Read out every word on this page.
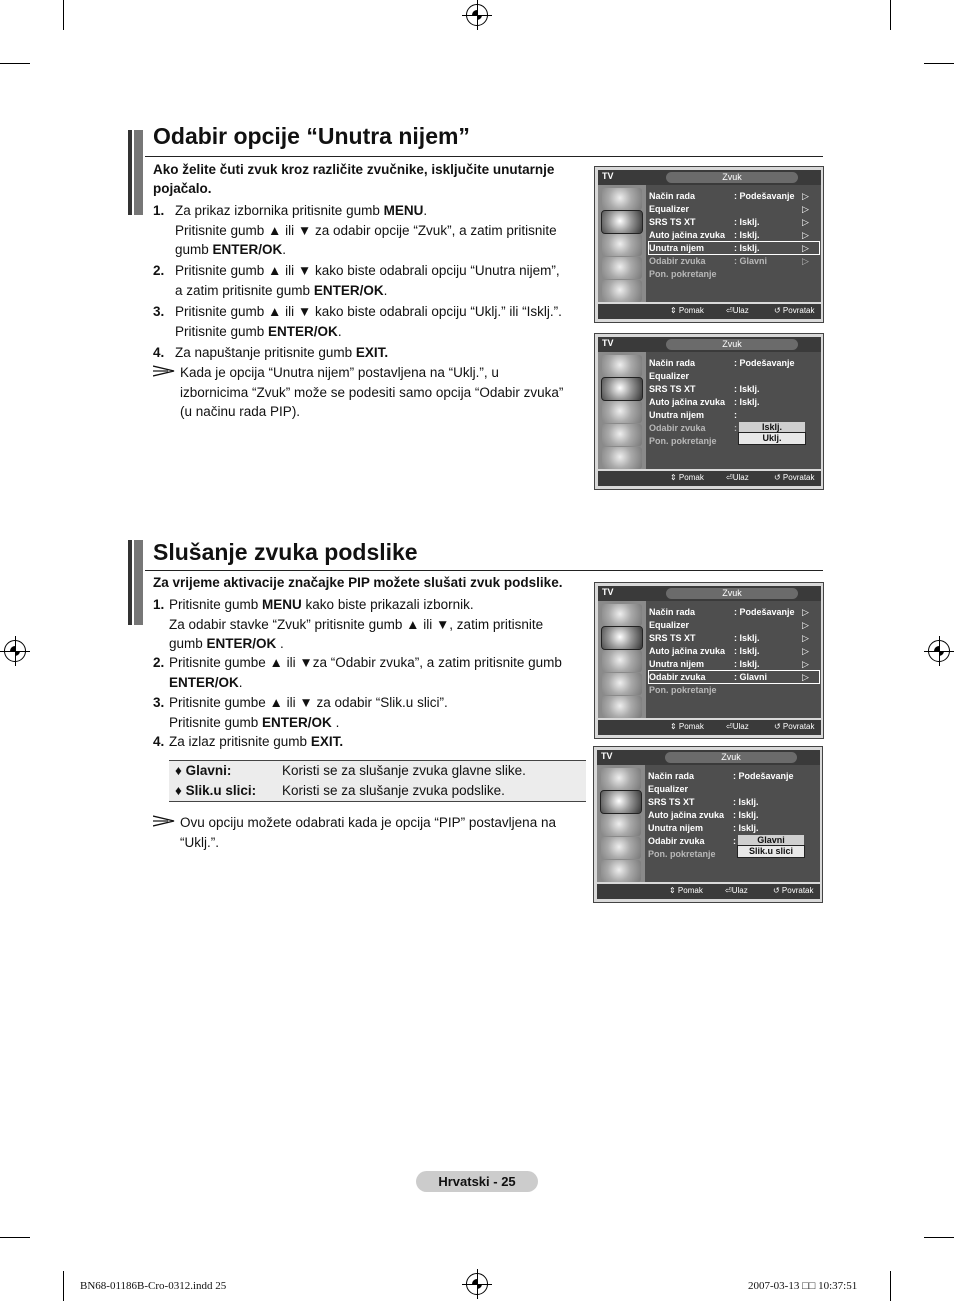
Odabir opcije “Unutra nijem”
Ako želite čuti zvuk kroz različite zvučnike, isključite unutarnje
pojačalo.
1. Za prikaz izbornika pritisnite gumb MENU.
Pritisnite gumb ▲ ili ▼ za odabir opcije “Zvuk”, a zatim pritisnite
gumb ENTER/OK.
2. Pritisnite gumb ▲ ili ▼ kako biste odabrali opciju “Unutra nijem”,
a zatim pritisnite gumb ENTER/OK.
3. Pritisnite gumb ▲ ili ▼ kako biste odabrali opciju “Uklj.” ili “Isklj.”.
Pritisnite gumb ENTER/OK.
4. Za napuštanje pritisnite gumb EXIT.
Kada je opcija “Unutra nijem” postavljena na “Uklj.”, u
izbornicima “Zvuk” može se podesiti samo opcija “Odabir zvuka”
(u načinu rada PIP).
Slušanje zvuka podslike
Za vrijeme aktivacije značajke PIP možete slušati zvuk podslike.
1. Pritisnite gumb MENU kako biste prikazali izbornik.
Za odabir stavke “Zvuk” pritisnite gumb ▲ ili ▼, zatim pritisnite
gumb ENTER/OK .
2. Pritisnite gumbe ▲ ili ▼za “Odabir zvuka”, a zatim pritisnite gumb
ENTER/OK.
3. Pritisnite gumbe ▲ ili ▼ za odabir “Slik.u slici”.
Pritisnite gumb ENTER/OK .
4. Za izlaz pritisnite gumb EXIT.
♦ Glavni:	Koristi se za slušanje zvuka glavne slike.
♦ Slik.u slici:	Koristi se za slušanje zvuka podslike.
Ovu opciju možete odabrati kada je opcija “PIP” postavljena na
“Uklj.”.
TV	Zvuk
Način rada	: Podešavanje ▷
Equalizer	▷
SRS TS XT	: Isklj.	▷
Auto jačina zvuka : Isklj.	▷
Unutra nijem	: Isklj.	▷
Odabir zvuka	: Glavni	▷
Pon. pokretanje
⇕ Pomak	⏎Ulaz	↺ Povratak
TV	Zvuk
Način rada	: Podešavanje
Equalizer
SRS TS XT	: Isklj.
Auto jačina zvuka : Isklj.
Unutra nijem	:
Odabir zvuka	:
Pon. pokretanje
Isklj.
Uklj.
⇕ Pomak	⏎Ulaz	↺ Povratak
TV	Zvuk
Način rada	: Podešavanje ▷
Equalizer	▷
SRS TS XT	: Isklj.	▷
Auto jačina zvuka : Isklj.	▷
Unutra nijem	: Isklj.	▷
Odabir zvuka	: Glavni	▷
Pon. pokretanje
⇕ Pomak	⏎Ulaz	↺ Povratak
TV	Zvuk
Način rada	: Podešavanje
Equalizer
SRS TS XT	: Isklj.
Auto jačina zvuka : Isklj.
Unutra nijem	: Isklj.
Odabir zvuka	:
Pon. pokretanje
Glavni
Slik.u slici
⇕ Pomak	⏎Ulaz	↺ Povratak
Hrvatski - 25
BN68-01186B-Cro-0312.indd 25	2007-03-13 □□ 10:37:51
